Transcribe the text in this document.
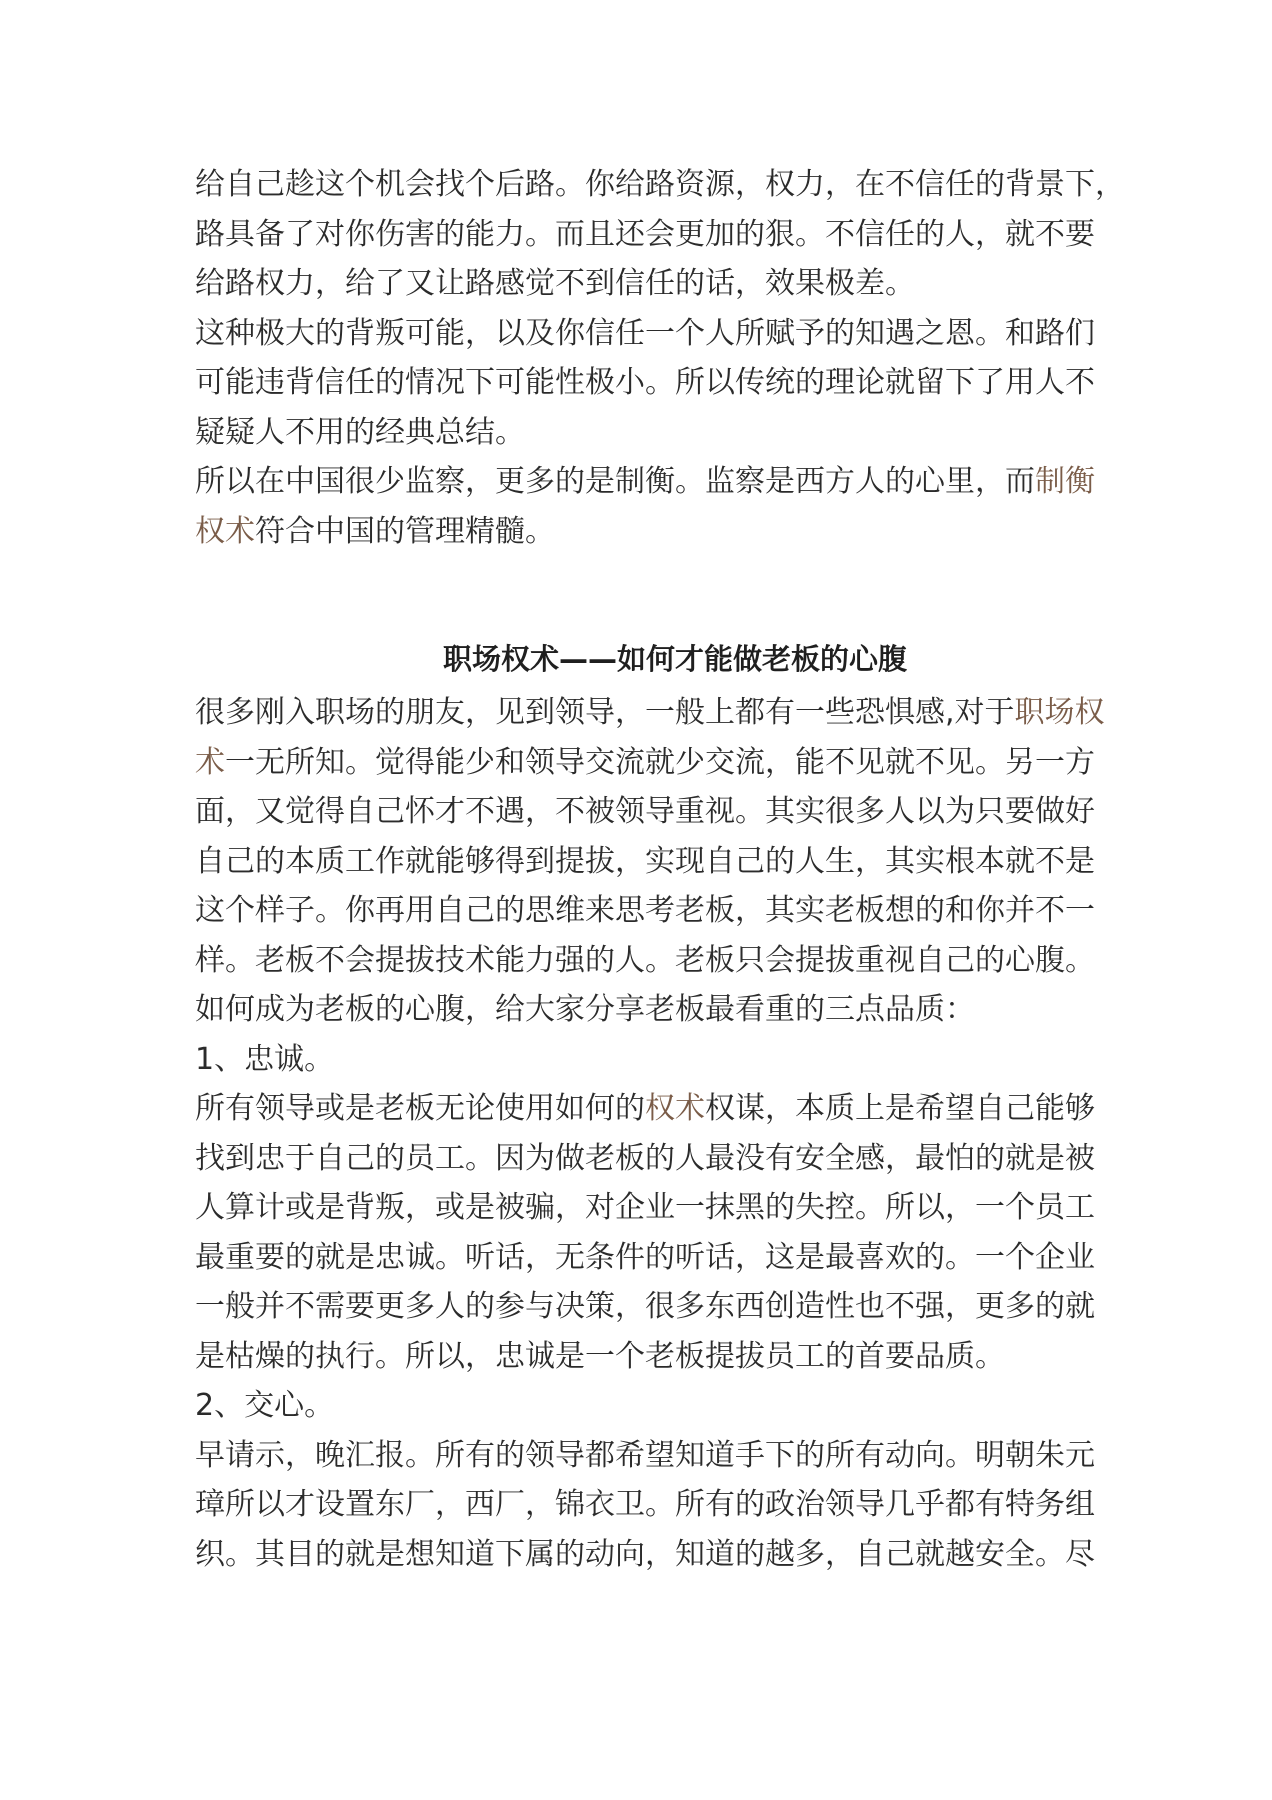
给自己趁这个机会找个后路。你给路资源，权力，在不信任的背景下，
路具备了对你伤害的能力。而且还会更加的狠。不信任的人，就不要
给路权力，给了又让路感觉不到信任的话，效果极差。
这种极大的背叛可能，以及你信任一个人所赋予的知遇之恩。和路们
可能违背信任的情况下可能性极小。所以传统的理论就留下了用人不
疑疑人不用的经典总结。
所以在中国很少监察，更多的是制衡。监察是西方人的心里，而制衡
权术符合中国的管理精髓。
职场权术——如何才能做老板的心腹
很多刚入职场的朋友，见到领导，一般上都有一些恐惧感,对于职场权
术一无所知。觉得能少和领导交流就少交流，能不见就不见。另一方
面，又觉得自己怀才不遇，不被领导重视。其实很多人以为只要做好
自己的本质工作就能够得到提拔，实现自己的人生，其实根本就不是
这个样子。你再用自己的思维来思考老板，其实老板想的和你并不一
样。老板不会提拔技术能力强的人。老板只会提拔重视自己的心腹。
如何成为老板的心腹，给大家分享老板最看重的三点品质：
1、忠诚。
所有领导或是老板无论使用如何的权术权谋，本质上是希望自己能够
找到忠于自己的员工。因为做老板的人最没有安全感，最怕的就是被
人算计或是背叛，或是被骗，对企业一抹黑的失控。所以，一个员工
最重要的就是忠诚。听话，无条件的听话，这是最喜欢的。一个企业
一般并不需要更多人的参与决策，很多东西创造性也不强，更多的就
是枯燥的执行。所以，忠诚是一个老板提拔员工的首要品质。
2、交心。
早请示，晚汇报。所有的领导都希望知道手下的所有动向。明朝朱元
璋所以才设置东厂，西厂，锦衣卫。所有的政治领导几乎都有特务组
织。其目的就是想知道下属的动向，知道的越多，自己就越安全。尽
